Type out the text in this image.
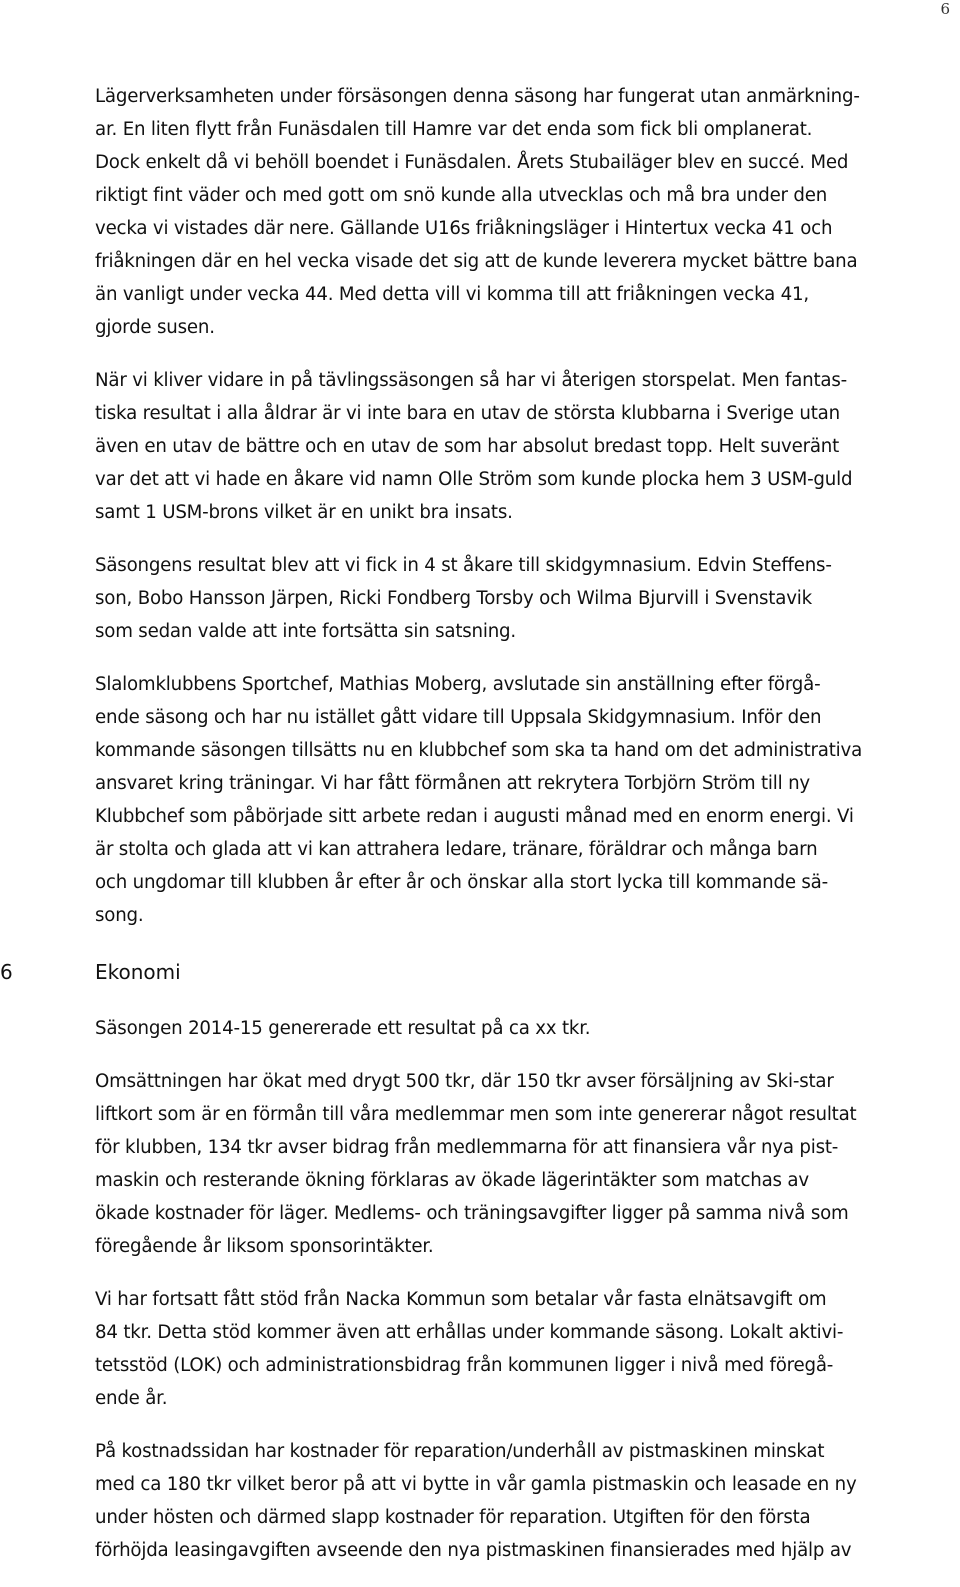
6

Lägerverksamheten under försäsongen denna säsong har fungerat utan anmärkning-
ar. En liten flytt från Funäsdalen till Hamre var det enda som fick bli omplanerat.
Dock enkelt då vi behöll boendet i Funäsdalen. Årets Stubailäger blev en succé. Med
riktigt fint väder och med gott om snö kunde alla utvecklas och må bra under den
vecka vi vistades där nere. Gällande U16s friåkningsläger i Hintertux vecka 41 och
friåkningen där en hel vecka visade det sig att de kunde leverera mycket bättre bana
än vanligt under vecka 44. Med detta vill vi komma till att friåkningen vecka 41,
gjorde susen.

När vi kliver vidare in på tävlingssäsongen så har vi återigen storspelat. Men fantas-
tiska resultat i alla åldrar är vi inte bara en utav de största klubbarna i Sverige utan
även en utav de bättre och en utav de som har absolut bredast topp. Helt suveränt
var det att vi hade en åkare vid namn Olle Ström som kunde plocka hem 3 USM-guld
samt 1 USM-brons vilket är en unikt bra insats.

Säsongens resultat blev att vi fick in 4 st åkare till skidgymnasium. Edvin Steffens-
son, Bobo Hansson Järpen, Ricki Fondberg Torsby och Wilma Bjurvill i Svenstavik
som sedan valde att inte fortsätta sin satsning.

Slalomklubbens Sportchef, Mathias Moberg, avslutade sin anställning efter förgå-
ende säsong och har nu istället gått vidare till Uppsala Skidgymnasium. Inför den
kommande säsongen tillsätts nu en klubbchef som ska ta hand om det administrativa
ansvaret kring träningar. Vi har fått förmånen att rekrytera Torbjörn Ström till ny
Klubbchef som påbörjade sitt arbete redan i augusti månad med en enorm energi. Vi
är stolta och glada att vi kan attrahera ledare, tränare, föräldrar och många barn
och ungdomar till klubben år efter år och önskar alla stort lycka till kommande sä-
song.

6	Ekonomi

Säsongen 2014-15 genererade ett resultat på ca xx tkr.

Omsättningen har ökat med drygt 500 tkr, där 150 tkr avser försäljning av Ski-star
liftkort som är en förmån till våra medlemmar men som inte genererar något resultat
för klubben, 134 tkr avser bidrag från medlemmarna för att finansiera vår nya pist-
maskin och resterande ökning förklaras av ökade lägerintäkter som matchas av
ökade kostnader för läger. Medlems- och träningsavgifter ligger på samma nivå som
föregående år liksom sponsorintäkter.

Vi har fortsatt fått stöd från Nacka Kommun som betalar vår fasta elnätsavgift om
84 tkr. Detta stöd kommer även att erhållas under kommande säsong. Lokalt aktivi-
tetsstöd (LOK) och administrationsbidrag från kommunen ligger i nivå med föregå-
ende år.

På kostnadssidan har kostnader för reparation/underhåll av pistmaskinen minskat
med ca 180 tkr vilket beror på att vi bytte in vår gamla pistmaskin och leasade en ny
under hösten och därmed slapp kostnader för reparation. Utgiften för den första
förhöjda leasingavgiften avseende den nya pistmaskinen finansierades med hjälp av
